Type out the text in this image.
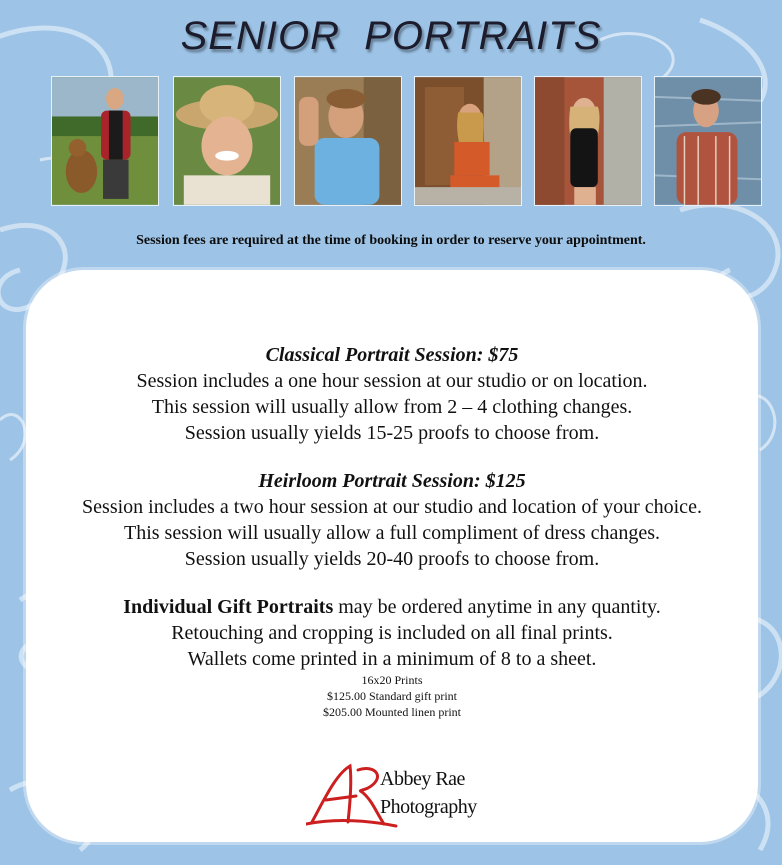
SENIOR  PORTRAITS
Session fees are required at the time of booking in order to reserve your appointment.
Classical Portrait Session: $75
Session includes a one hour session at our studio or on location.
This session will usually allow from 2 – 4 clothing changes.
Session usually yields 15-25 proofs to choose from.
Heirloom Portrait Session: $125
Session includes a two hour session at our studio and location of your choice.
This session will usually allow a full compliment of dress changes.
Session usually yields 20-40 proofs to choose from.
Individual Gift Portraits may be ordered anytime in any quantity.
Retouching and cropping is included on all final prints.
Wallets come printed in a minimum of 8 to a sheet.
16x20 Prints
$125.00 Standard gift print
$205.00 Mounted linen print
Abbey Rae
Photography
